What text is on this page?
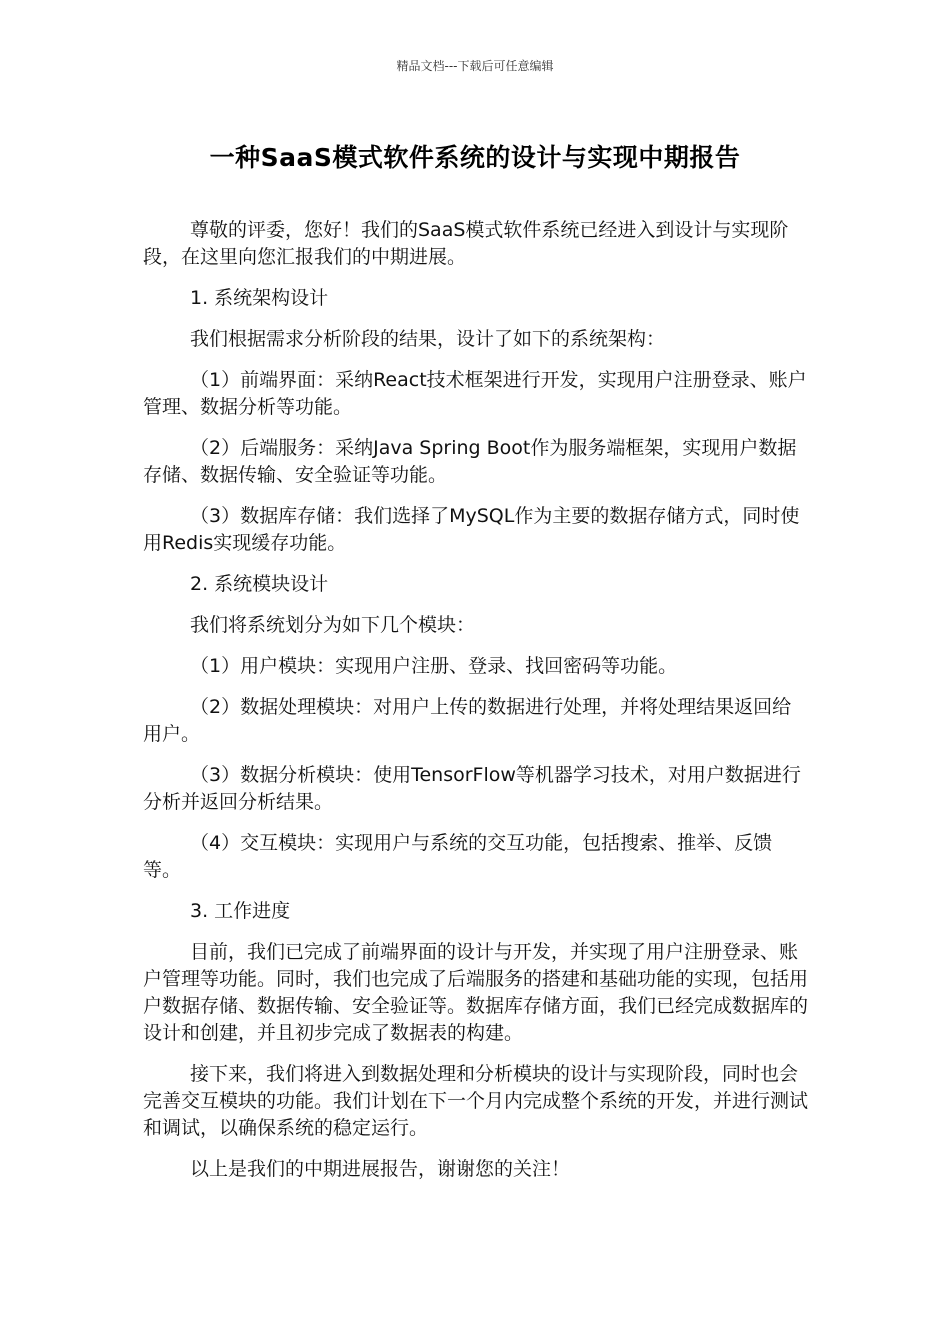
精品文档---下载后可任意编辑
一种SaaS模式软件系统的设计与实现中期报告

尊敬的评委，您好！我们的SaaS模式软件系统已经进入到设计与实现阶段，在这里向您汇报我们的中期进展。

1. 系统架构设计

我们根据需求分析阶段的结果，设计了如下的系统架构：

（1）前端界面：采纳React技术框架进行开发，实现用户注册登录、账户管理、数据分析等功能。

（2）后端服务：采纳Java Spring Boot作为服务端框架，实现用户数据存储、数据传输、安全验证等功能。

（3）数据库存储：我们选择了MySQL作为主要的数据存储方式，同时使用Redis实现缓存功能。

2. 系统模块设计

我们将系统划分为如下几个模块：

（1）用户模块：实现用户注册、登录、找回密码等功能。

（2）数据处理模块：对用户上传的数据进行处理，并将处理结果返回给用户。

（3）数据分析模块：使用TensorFlow等机器学习技术，对用户数据进行分析并返回分析结果。

（4）交互模块：实现用户与系统的交互功能，包括搜索、推举、反馈等。

3. 工作进度

目前，我们已完成了前端界面的设计与开发，并实现了用户注册登录、账户管理等功能。同时，我们也完成了后端服务的搭建和基础功能的实现，包括用户数据存储、数据传输、安全验证等。数据库存储方面，我们已经完成数据库的设计和创建，并且初步完成了数据表的构建。

接下来，我们将进入到数据处理和分析模块的设计与实现阶段，同时也会完善交互模块的功能。我们计划在下一个月内完成整个系统的开发，并进行测试和调试，以确保系统的稳定运行。

以上是我们的中期进展报告，谢谢您的关注！
